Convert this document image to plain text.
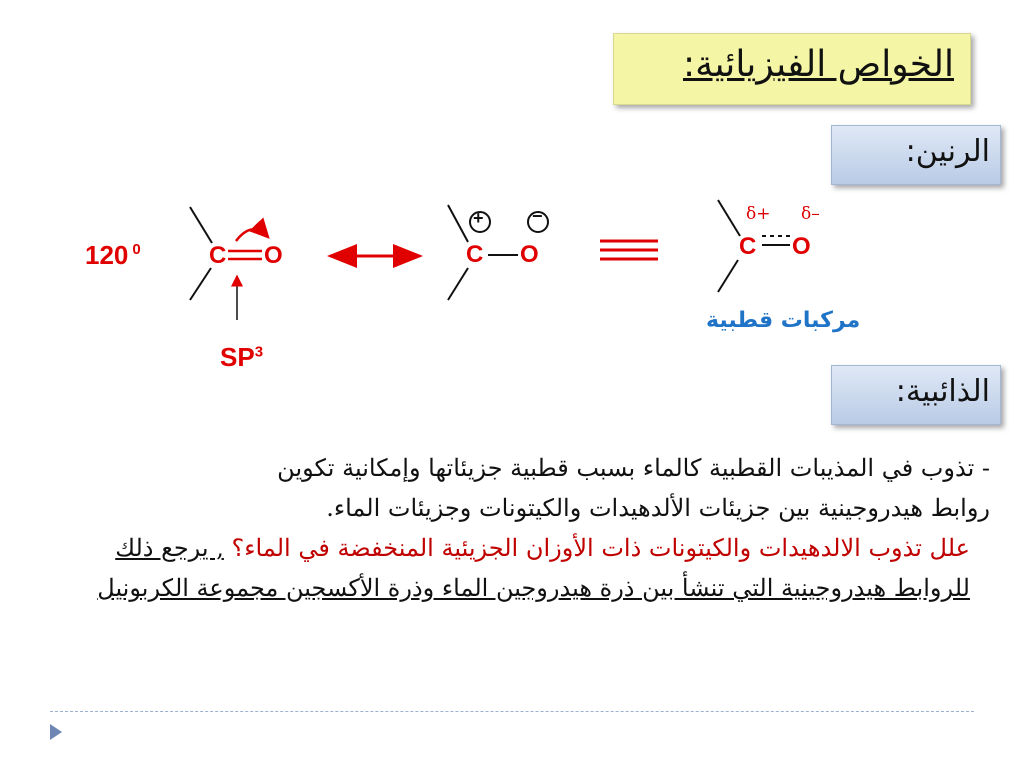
الخواص الفيزيائية:
الرنين:
الذائبية:
120 $^0$	C O
$SP^3$
C O
+	−
C O
δ+ δ–
مركبات قطبية
- تذوب في المذيبات القطبية كالماء بسبب قطبية جزيئاتها وإمكانية تكوين
روابط هيدروجينية بين جزيئات الألدهيدات والكيتونات وجزيئات الماء.
علل تذوب الالدهيدات والكيتونات ذات الأوزان الجزيئية المنخفضة في الماء؟ , يرجع ذلك للروابط هيدروجينية التي تنشأ بين ذرة هيدروجين الماء وذرة الأكسجين مجموعة الكربونيل
